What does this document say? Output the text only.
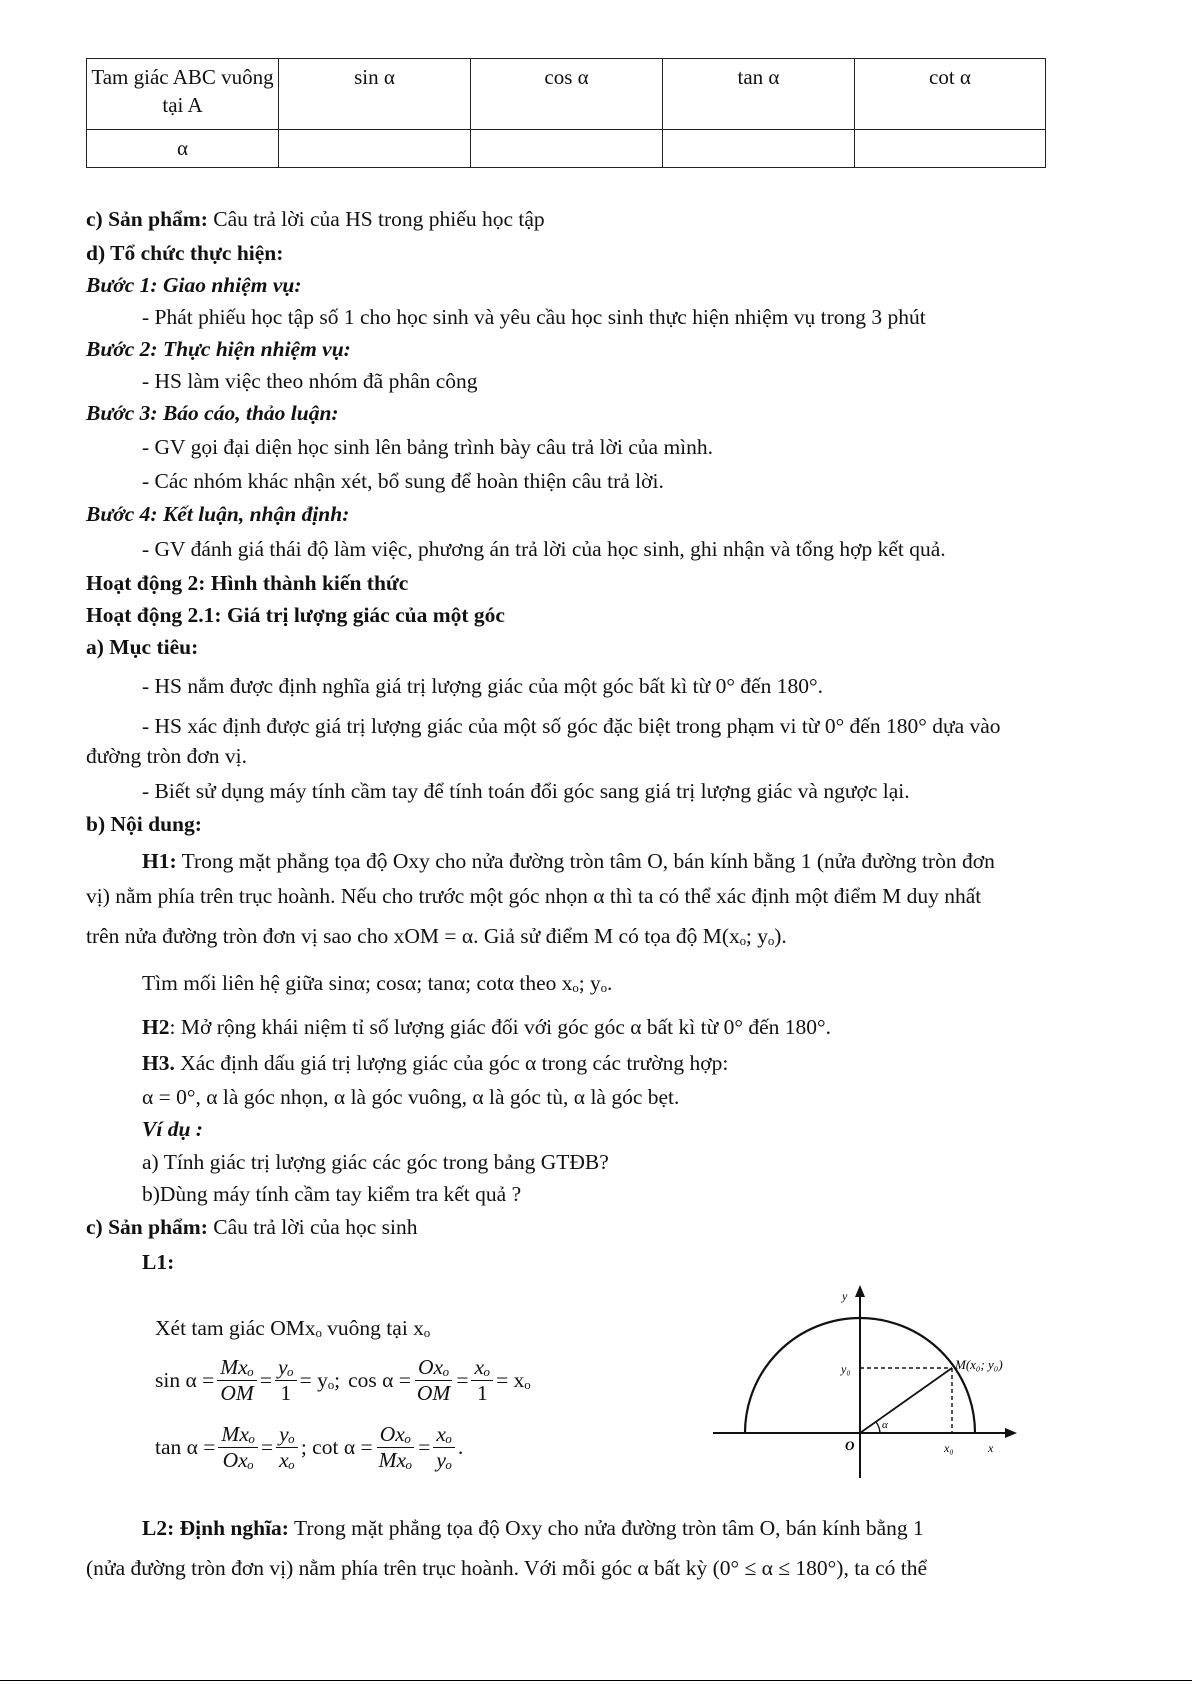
Tam giác ABC vuông tại A	sin α	cos α	tan α	cot α
α				
c) Sản phẩm: Câu trả lời của HS trong phiếu học tập
d) Tổ chức thực hiện:
Bước 1: Giao nhiệm vụ:
- Phát phiếu học tập số 1 cho học sinh và yêu cầu học sinh thực hiện nhiệm vụ trong 3 phút
Bước 2: Thực hiện nhiệm vụ:
- HS làm việc theo nhóm đã phân công
Bước 3: Báo cáo, thảo luận:
- GV gọi đại diện học sinh lên bảng trình bày câu trả lời của mình.
- Các nhóm khác nhận xét, bổ sung để hoàn thiện câu trả lời.
Bước 4: Kết luận, nhận định:
- GV đánh giá thái độ làm việc, phương án trả lời của học sinh, ghi nhận và tổng hợp kết quả.
Hoạt động 2: Hình thành kiến thức
Hoạt động 2.1: Giá trị lượng giác của một góc
a) Mục tiêu:
- HS nắm được định nghĩa giá trị lượng giác của một góc bất kì từ 0° đến 180°.
- HS xác định được giá trị lượng giác của một số góc đặc biệt trong phạm vi từ 0° đến 180° dựa vào
đường tròn đơn vị.
- Biết sử dụng máy tính cầm tay để tính toán đổi góc sang giá trị lượng giác và ngược lại.
b) Nội dung:
H1: Trong mặt phẳng tọa độ Oxy cho nửa đường tròn tâm O, bán kính bằng 1 (nửa đường tròn đơn
vị) nằm phía trên trục hoành. Nếu cho trước một góc nhọn α thì ta có thể xác định một điểm M duy nhất
trên nửa đường tròn đơn vị sao cho xOM = α. Giả sử điểm M có tọa độ M(xₒ; yₒ).
Tìm mối liên hệ giữa sinα; cosα; tanα; cotα theo xₒ; yₒ.
H2: Mở rộng khái niệm tỉ số lượng giác đối với góc góc α bất kì từ 0° đến 180°.
H3. Xác định dấu giá trị lượng giác của góc α trong các trường hợp:
α = 0°, α là góc nhọn, α là góc vuông, α là góc tù, α là góc bẹt.
Ví dụ :
a) Tính giác trị lượng giác các góc trong bảng GTĐB?
b)Dùng máy tính cầm tay kiểm tra kết quả ?
c) Sản phẩm: Câu trả lời của học sinh
L1:
Xét tam giác OMxₒ vuông tại xₒ
$\sin \alpha = \frac{\text{Mxₒ}}{OM} = \frac{\text{yₒ}}{1} = y_o$; $\cos \alpha = \frac{\text{Oxₒ}}{OM} = \frac{\text{xₒ}}{1} = x_o$
$\tan \alpha = \frac{\text{Mxₒ}}{\text{Oxₒ}} = \frac{\text{yₒ}}{\text{xₒ}}$ ; $\cot \alpha = \frac{\text{Oxₒ}}{\text{Mxₒ}} = \frac{\text{xₒ}}{\text{yₒ}}$ .
y
y₀	M(x₀; y₀)
α
O	x₀	x
L2: Định nghĩa: Trong mặt phẳng tọa độ Oxy cho nửa đường tròn tâm O, bán kính bằng 1
(nửa đường tròn đơn vị) nằm phía trên trục hoành. Với mỗi góc α bất kỳ (0° ≤ α ≤ 180°), ta có thể
